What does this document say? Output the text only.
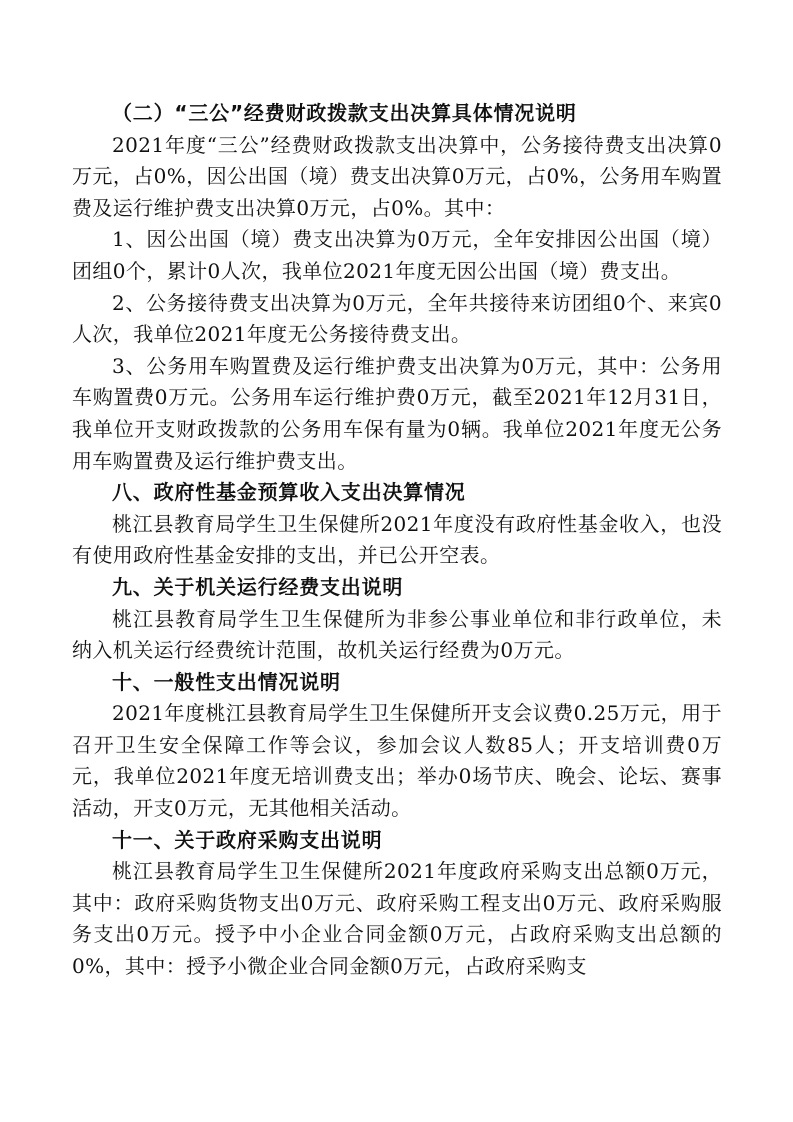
（二）“三公”经费财政拨款支出决算具体情况说明

2021年度“三公”经费财政拨款支出决算中，公务接待费支出决算0万元，占0%，因公出国（境）费支出决算0万元，占0%，公务用车购置费及运行维护费支出决算0万元，占0%。其中：

1、因公出国（境）费支出决算为0万元，全年安排因公出国（境）团组0个，累计0人次，我单位2021年度无因公出国（境）费支出。

2、公务接待费支出决算为0万元，全年共接待来访团组0个、来宾0人次，我单位2021年度无公务接待费支出。

3、公务用车购置费及运行维护费支出决算为0万元，其中：公务用车购置费0万元。公务用车运行维护费0万元，截至2021年12月31日，我单位开支财政拨款的公务用车保有量为0辆。我单位2021年度无公务用车购置费及运行维护费支出。

八、政府性基金预算收入支出决算情况

桃江县教育局学生卫生保健所2021年度没有政府性基金收入，也没有使用政府性基金安排的支出，并已公开空表。

九、关于机关运行经费支出说明

桃江县教育局学生卫生保健所为非参公事业单位和非行政单位，未纳入机关运行经费统计范围，故机关运行经费为0万元。

十、一般性支出情况说明

2021年度桃江县教育局学生卫生保健所开支会议费0.25万元，用于召开卫生安全保障工作等会议，参加会议人数85人；开支培训费0万元，我单位2021年度无培训费支出；举办0场节庆、晚会、论坛、赛事活动，开支0万元，无其他相关活动。

十一、关于政府采购支出说明

桃江县教育局学生卫生保健所2021年度政府采购支出总额0万元，其中：政府采购货物支出0万元、政府采购工程支出0万元、政府采购服务支出0万元。授予中小企业合同金额0万元，占政府采购支出总额的0%，其中：授予小微企业合同金额0万元，占政府采购支
